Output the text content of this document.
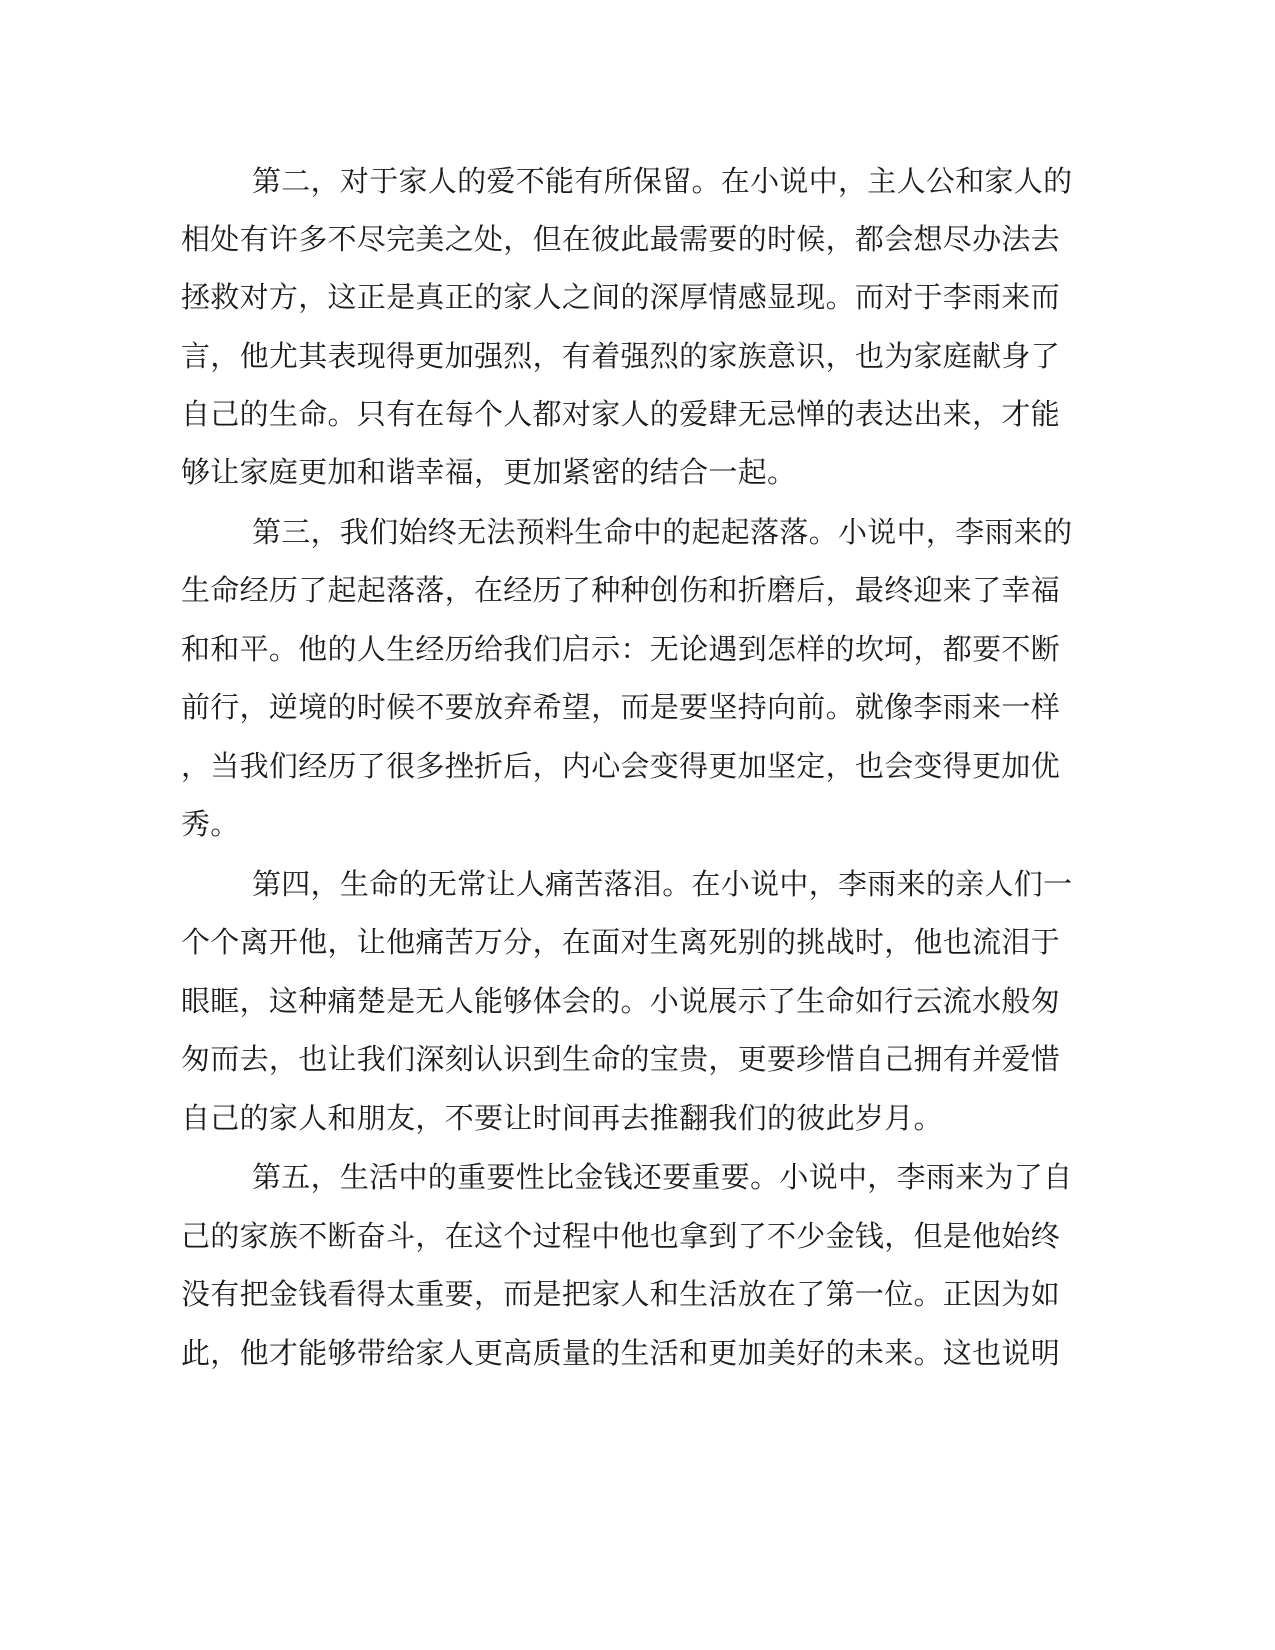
第二，对于家人的爱不能有所保留。在小说中，主人公和家人的
相处有许多不尽完美之处，但在彼此最需要的时候，都会想尽办法去
拯救对方，这正是真正的家人之间的深厚情感显现。而对于李雨来而
言，他尤其表现得更加强烈，有着强烈的家族意识，也为家庭献身了
自己的生命。只有在每个人都对家人的爱肆无忌惮的表达出来，才能
够让家庭更加和谐幸福，更加紧密的结合一起。
第三，我们始终无法预料生命中的起起落落。小说中，李雨来的
生命经历了起起落落，在经历了种种创伤和折磨后，最终迎来了幸福
和和平。他的人生经历给我们启示：无论遇到怎样的坎坷，都要不断
前行，逆境的时候不要放弃希望，而是要坚持向前。就像李雨来一样
，当我们经历了很多挫折后，内心会变得更加坚定，也会变得更加优
秀。
第四，生命的无常让人痛苦落泪。在小说中，李雨来的亲人们一
个个离开他，让他痛苦万分，在面对生离死别的挑战时，他也流泪于
眼眶，这种痛楚是无人能够体会的。小说展示了生命如行云流水般匆
匆而去，也让我们深刻认识到生命的宝贵，更要珍惜自己拥有并爱惜
自己的家人和朋友，不要让时间再去推翻我们的彼此岁月。
第五，生活中的重要性比金钱还要重要。小说中，李雨来为了自
己的家族不断奋斗，在这个过程中他也拿到了不少金钱，但是他始终
没有把金钱看得太重要，而是把家人和生活放在了第一位。正因为如
此，他才能够带给家人更高质量的生活和更加美好的未来。这也说明
